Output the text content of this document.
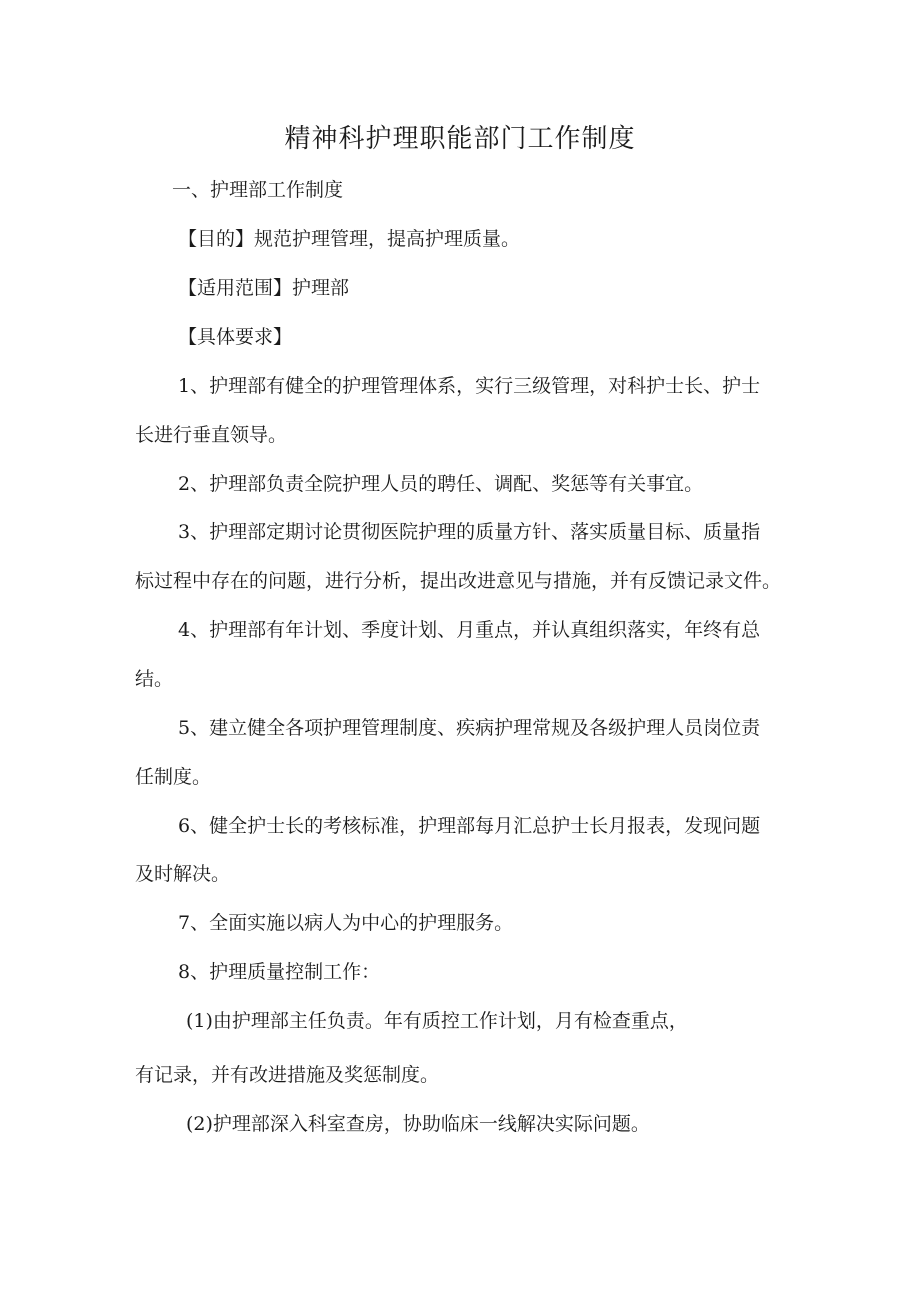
精神科护理职能部门工作制度
一、护理部工作制度
【目的】规范护理管理，提高护理质量。
【适用范围】护理部
【具体要求】
1、护理部有健全的护理管理体系，实行三级管理，对科护士长、护士
长进行垂直领导。
2、护理部负责全院护理人员的聘任、调配、奖惩等有关事宜。
3、护理部定期讨论贯彻医院护理的质量方针、落实质量目标、质量指
标过程中存在的问题，进行分析，提出改进意见与措施，并有反馈记录文件。
4、护理部有年计划、季度计划、月重点，并认真组织落实，年终有总
结。
5、建立健全各项护理管理制度、疾病护理常规及各级护理人员岗位责
任制度。
6、健全护士长的考核标准，护理部每月汇总护士长月报表，发现问题
及时解决。
7、全面实施以病人为中心的护理服务。
8、护理质量控制工作：
(1)由护理部主任负责。年有质控工作计划，月有检查重点，
有记录，并有改进措施及奖惩制度。
(2)护理部深入科室查房，协助临床一线解决实际问题。
